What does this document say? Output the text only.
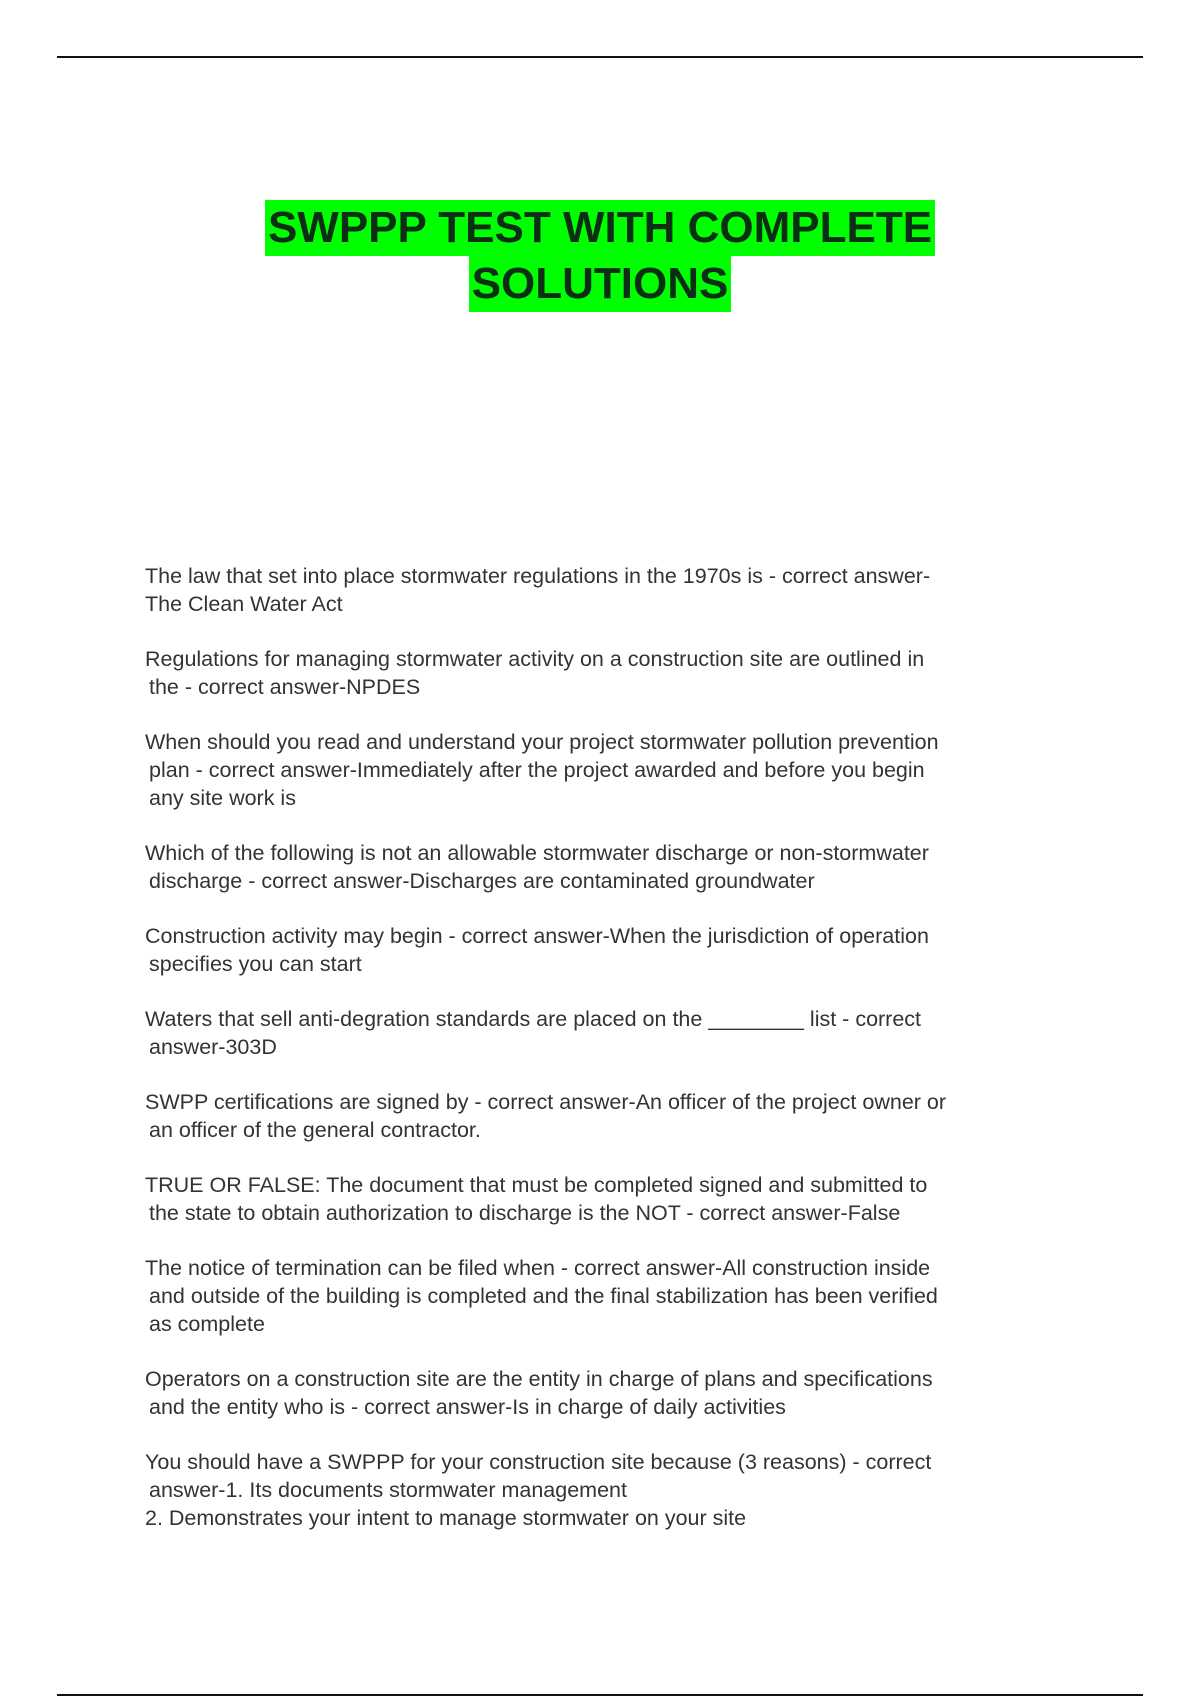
SWPPP TEST WITH COMPLETE
SOLUTIONS
The law that set into place stormwater regulations in the 1970s is - correct answer-
The Clean Water Act
Regulations for managing stormwater activity on a construction site are outlined in
the - correct answer-NPDES
When should you read and understand your project stormwater pollution prevention
plan - correct answer-Immediately after the project awarded and before you begin
any site work is
Which of the following is not an allowable stormwater discharge or non-stormwater
discharge - correct answer-Discharges are contaminated groundwater
Construction activity may begin - correct answer-When the jurisdiction of operation
specifies you can start
Waters that sell anti-degration standards are placed on the ________ list - correct
answer-303D
SWPP certifications are signed by - correct answer-An officer of the project owner or
an officer of the general contractor.
TRUE OR FALSE: The document that must be completed signed and submitted to
the state to obtain authorization to discharge is the NOT - correct answer-False
The notice of termination can be filed when - correct answer-All construction inside
and outside of the building is completed and the final stabilization has been verified
as complete
Operators on a construction site are the entity in charge of plans and specifications
and the entity who is - correct answer-Is in charge of daily activities
You should have a SWPPP for your construction site because (3 reasons) - correct
answer-1. Its documents stormwater management
2. Demonstrates your intent to manage stormwater on your site
